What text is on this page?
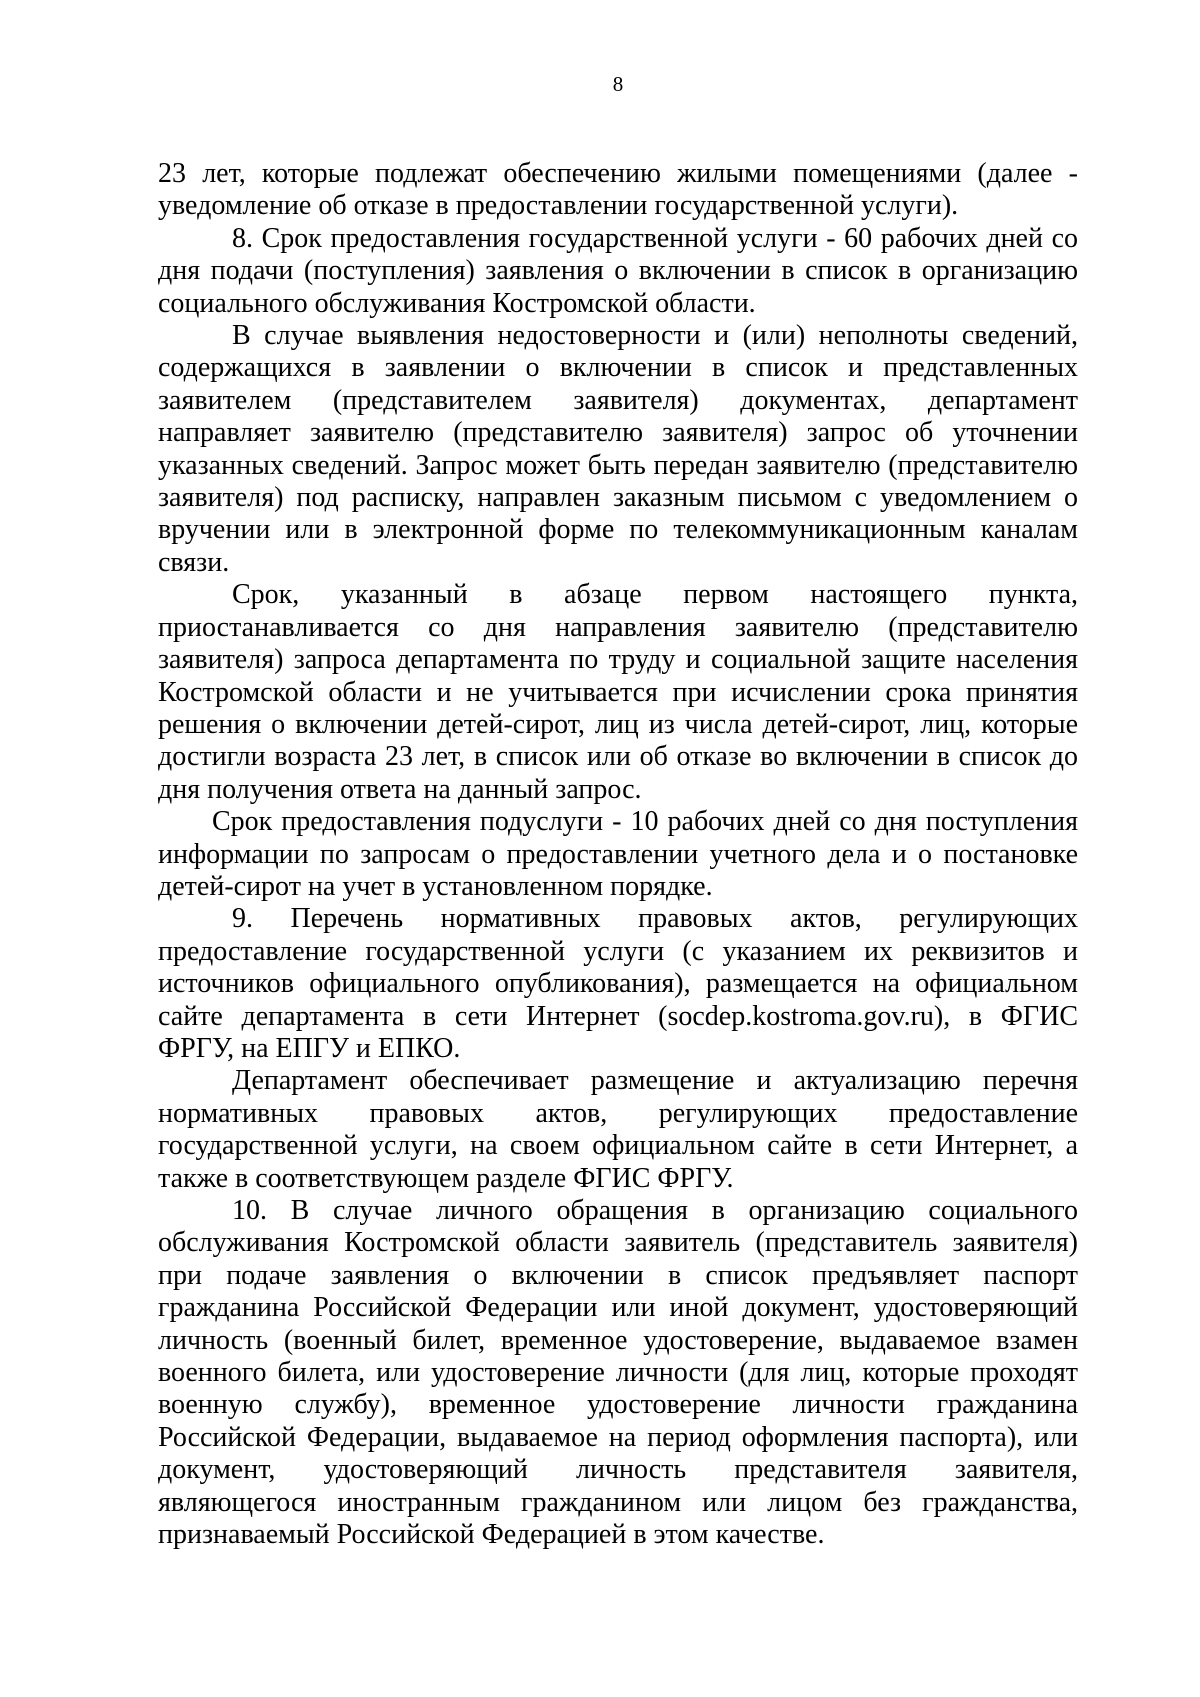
8

23 лет, которые подлежат обеспечению жилыми помещениями (далее - уведомление об отказе в предоставлении государственной услуги).

8. Срок предоставления государственной услуги - 60 рабочих дней со дня подачи (поступления) заявления о включении в список в организацию социального обслуживания Костромской области.

В случае выявления недостоверности и (или) неполноты сведений, содержащихся в заявлении о включении в список и представленных заявителем (представителем заявителя) документах, департамент направляет заявителю (представителю заявителя) запрос об уточнении указанных сведений. Запрос может быть передан заявителю (представителю заявителя) под расписку, направлен заказным письмом с уведомлением о вручении или в электронной форме по телекоммуникационным каналам связи.

Срок, указанный в абзаце первом настоящего пункта, приостанавливается со дня направления заявителю (представителю заявителя) запроса департамента по труду и социальной защите населения Костромской области и не учитывается при исчислении срока принятия решения о включении детей-сирот, лиц из числа детей-сирот, лиц, которые достигли возраста 23 лет, в список или об отказе во включении в список до дня получения ответа на данный запрос.

Срок предоставления подуслуги - 10 рабочих дней со дня поступления информации по запросам о предоставлении учетного дела и о постановке детей-сирот на учет в установленном порядке.

9. Перечень нормативных правовых актов, регулирующих предоставление государственной услуги (с указанием их реквизитов и источников официального опубликования), размещается на официальном сайте департамента в сети Интернет (socdep.kostroma.gov.ru), в ФГИС ФРГУ, на ЕПГУ и ЕПКО.

Департамент обеспечивает размещение и актуализацию перечня нормативных правовых актов, регулирующих предоставление государственной услуги, на своем официальном сайте в сети Интернет, а также в соответствующем разделе ФГИС ФРГУ.

10. В случае личного обращения в организацию социального обслуживания Костромской области заявитель (представитель заявителя) при подаче заявления о включении в список предъявляет паспорт гражданина Российской Федерации или иной документ, удостоверяющий личность (военный билет, временное удостоверение, выдаваемое взамен военного билета, или удостоверение личности (для лиц, которые проходят военную службу), временное удостоверение личности гражданина Российской Федерации, выдаваемое на период оформления паспорта), или документ, удостоверяющий личность представителя заявителя, являющегося иностранным гражданином или лицом без гражданства, признаваемый Российской Федерацией в этом качестве.
